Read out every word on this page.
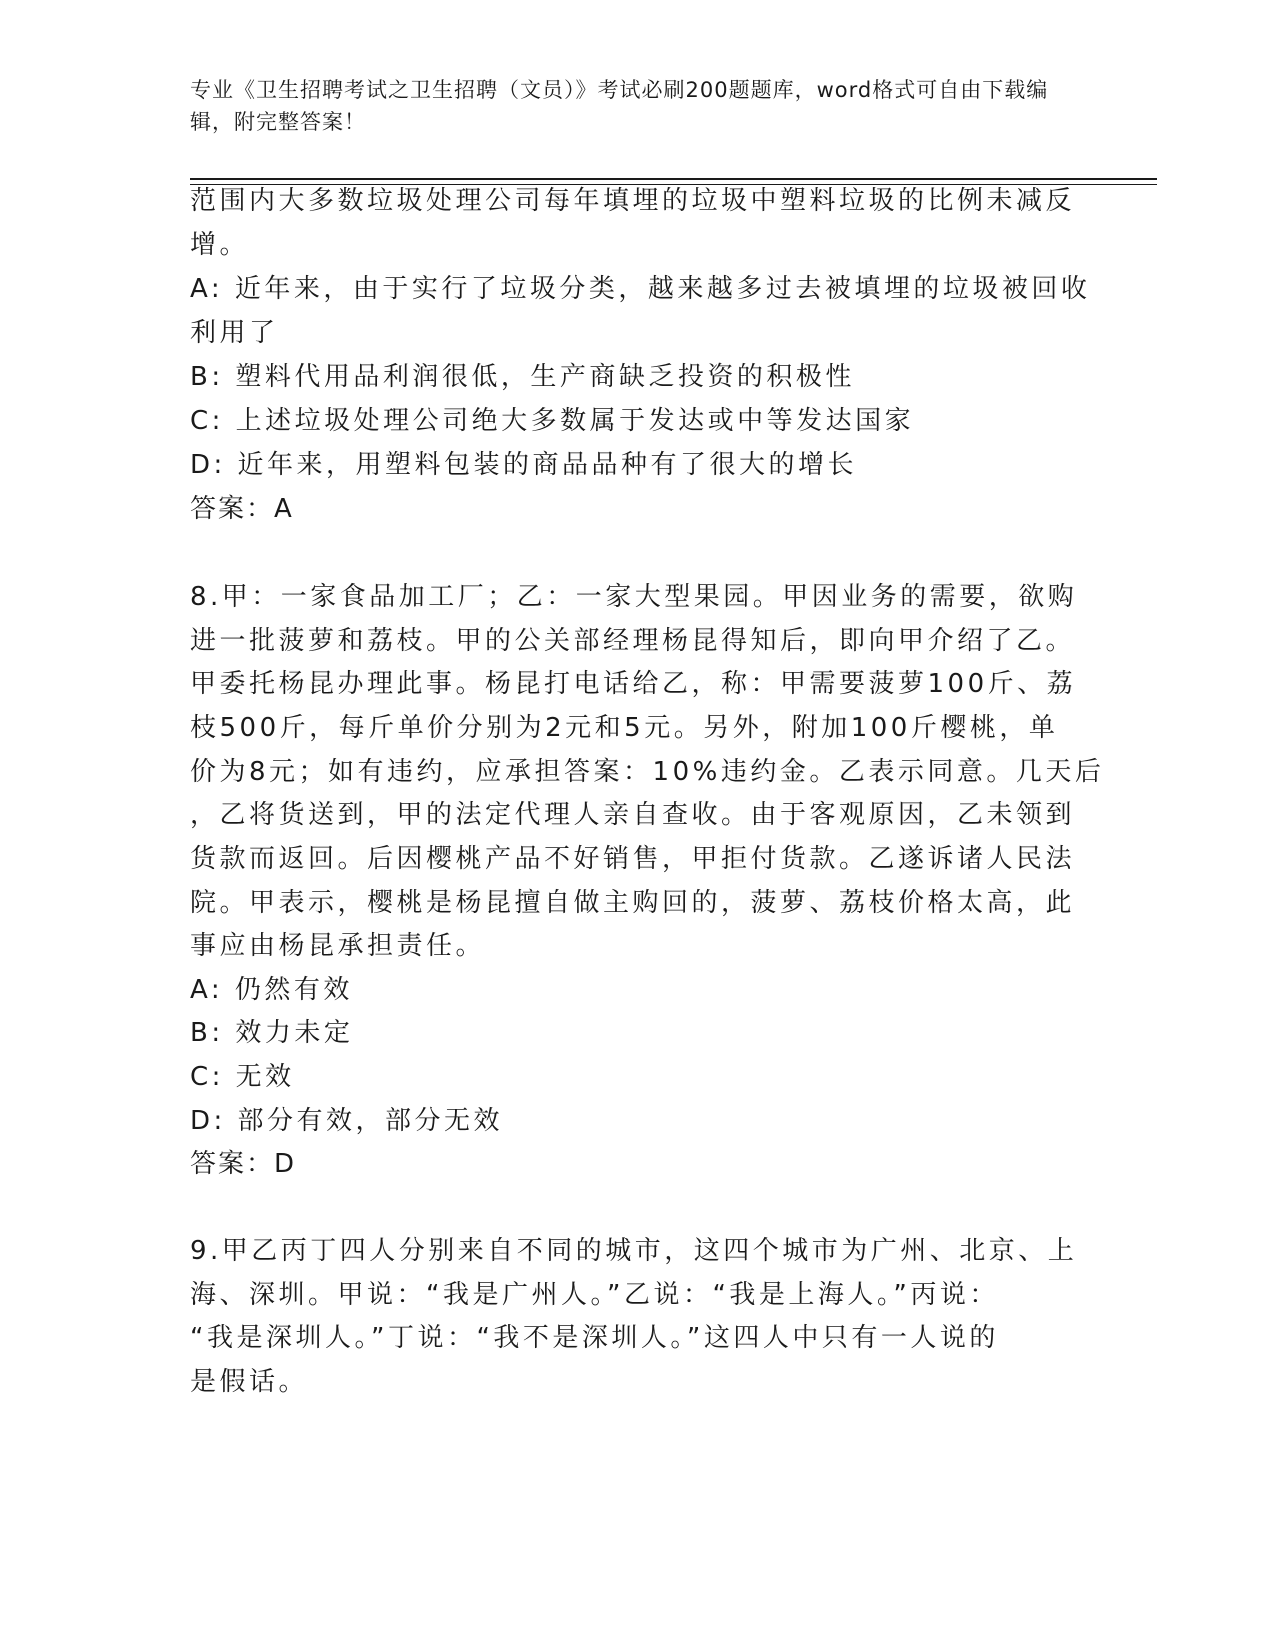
专业《卫生招聘考试之卫生招聘（文员）》考试必刷200题题库，word格式可自由下载编辑，附完整答案！
范围内大多数垃圾处理公司每年填埋的垃圾中塑料垃圾的比例未减反
增。
A: 近年来，由于实行了垃圾分类，越来越多过去被填埋的垃圾被回收
利用了
B: 塑料代用品利润很低，生产商缺乏投资的积极性
C: 上述垃圾处理公司绝大多数属于发达或中等发达国家
D: 近年来，用塑料包装的商品品种有了很大的增长
答案：A
8.甲：一家食品加工厂；乙：一家大型果园。甲因业务的需要，欲购
进一批菠萝和荔枝。甲的公关部经理杨昆得知后，即向甲介绍了乙。
甲委托杨昆办理此事。杨昆打电话给乙，称：甲需要菠萝100斤、荔
枝500斤，每斤单价分别为2元和5元。另外，附加100斤樱桃，单
价为8元；如有违约，应承担答案：10%违约金。乙表示同意。几天后
，乙将货送到，甲的法定代理人亲自查收。由于客观原因，乙未领到
货款而返回。后因樱桃产品不好销售，甲拒付货款。乙遂诉诸人民法
院。甲表示，樱桃是杨昆擅自做主购回的，菠萝、荔枝价格太高，此
事应由杨昆承担责任。
A: 仍然有效
B: 效力未定
C: 无效
D: 部分有效，部分无效
答案：D
9.甲乙丙丁四人分别来自不同的城市，这四个城市为广州、北京、上
海、深圳。甲说：“我是广州人。”乙说：“我是上海人。”丙说：
“我是深圳人。”丁说：“我不是深圳人。”这四人中只有一人说的
是假话。
